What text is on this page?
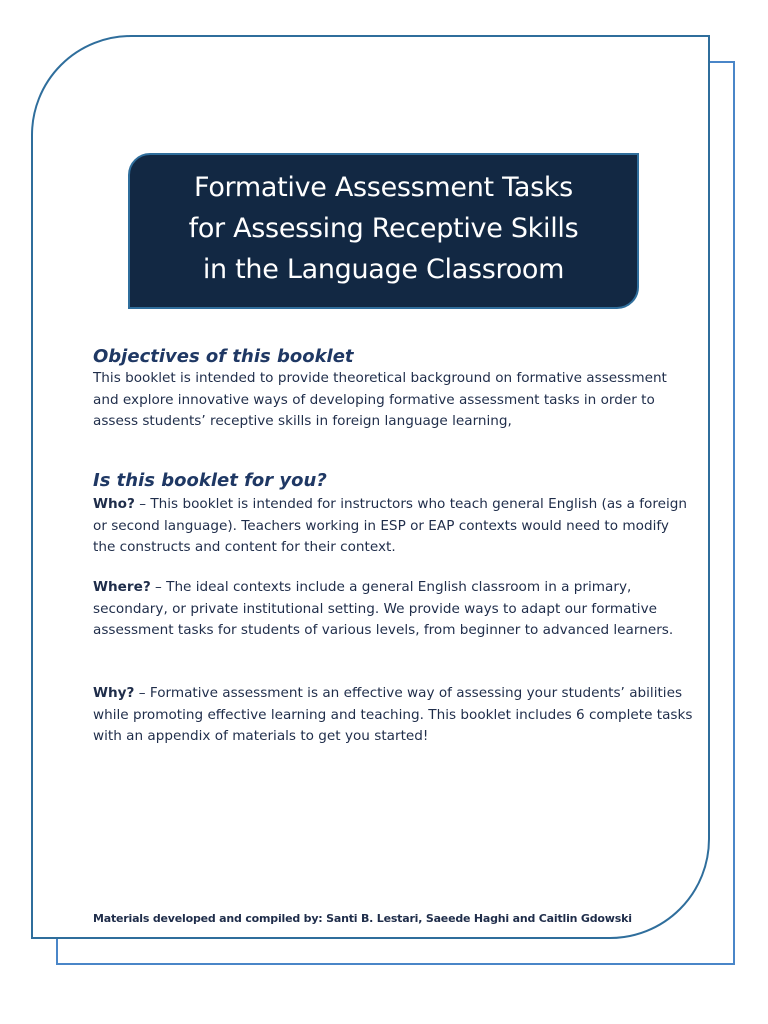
Formative Assessment Tasks
for Assessing Receptive Skills
in the Language Classroom
Objectives of this booklet

This booklet is intended to provide theoretical background on formative assessment and explore innovative ways of developing formative assessment tasks in order to assess students’ receptive skills in foreign language learning,

Is this booklet for you?

Who? – This booklet is intended for instructors who teach general English (as a foreign or second language). Teachers working in ESP or EAP contexts would need to modify the constructs and content for their context.

Where? – The ideal contexts include a general English classroom in a primary, secondary, or private institutional setting. We provide ways to adapt our formative assessment tasks for students of various levels, from beginner to advanced learners.

Why? – Formative assessment is an effective way of assessing your students’ abilities while promoting effective learning and teaching. This booklet includes 6 complete tasks with an appendix of materials to get you started!

Materials developed and compiled by: Santi B. Lestari, Saeede Haghi and Caitlin Gdowski
